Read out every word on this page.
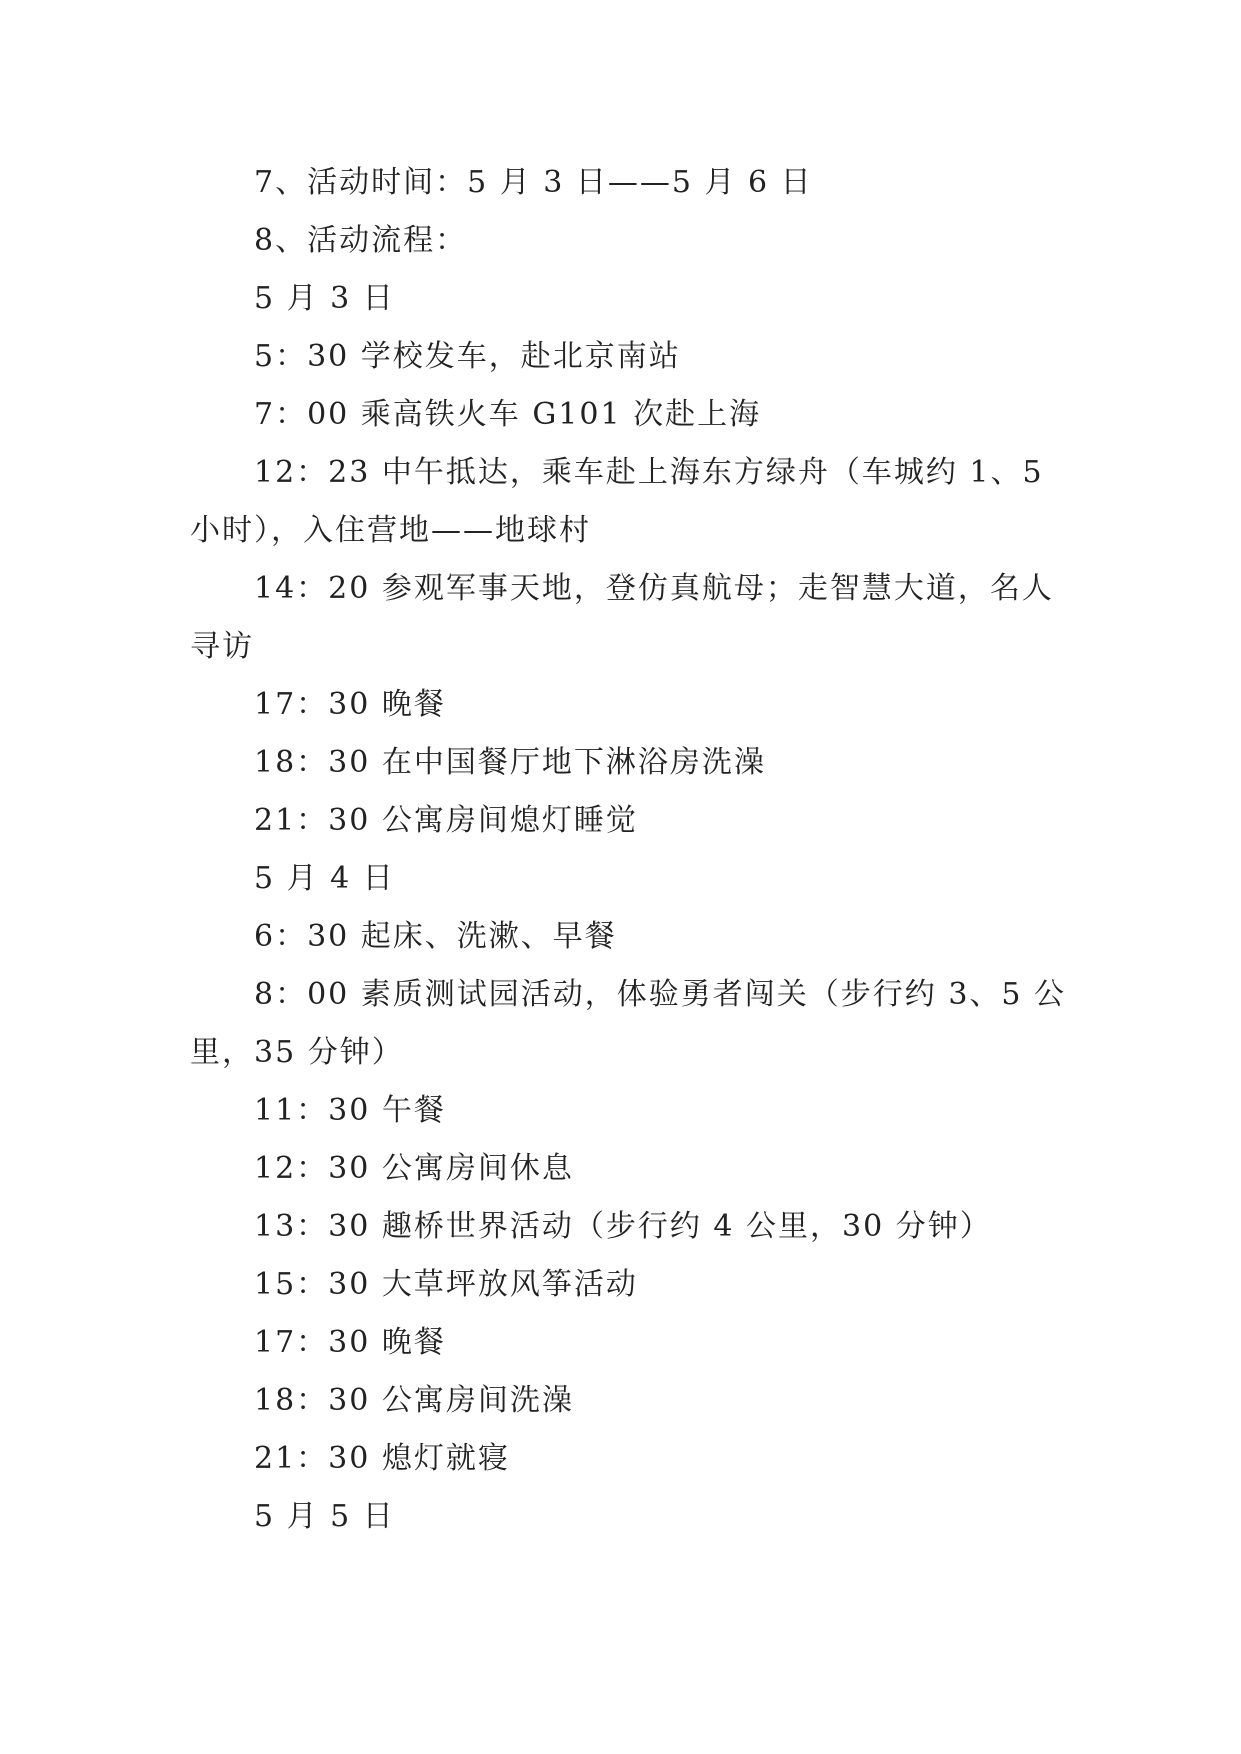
7、活动时间：5 月 3 日——5 月 6 日
8、活动流程：
5 月 3 日
5：30 学校发车，赴北京南站
7：00 乘高铁火车 G101 次赴上海
12：23 中午抵达，乘车赴上海东方绿舟（车城约 1、5
小时），入住营地——地球村
14：20 参观军事天地，登仿真航母；走智慧大道，名人
寻访
17：30 晚餐
18：30 在中国餐厅地下淋浴房洗澡
21：30 公寓房间熄灯睡觉
5 月 4 日
6：30 起床、洗漱、早餐
8：00 素质测试园活动，体验勇者闯关（步行约 3、5 公
里，35 分钟）
11：30 午餐
12：30 公寓房间休息
13：30 趣桥世界活动（步行约 4 公里，30 分钟）
15：30 大草坪放风筝活动
17：30 晚餐
18：30 公寓房间洗澡
21：30 熄灯就寝
5 月 5 日
